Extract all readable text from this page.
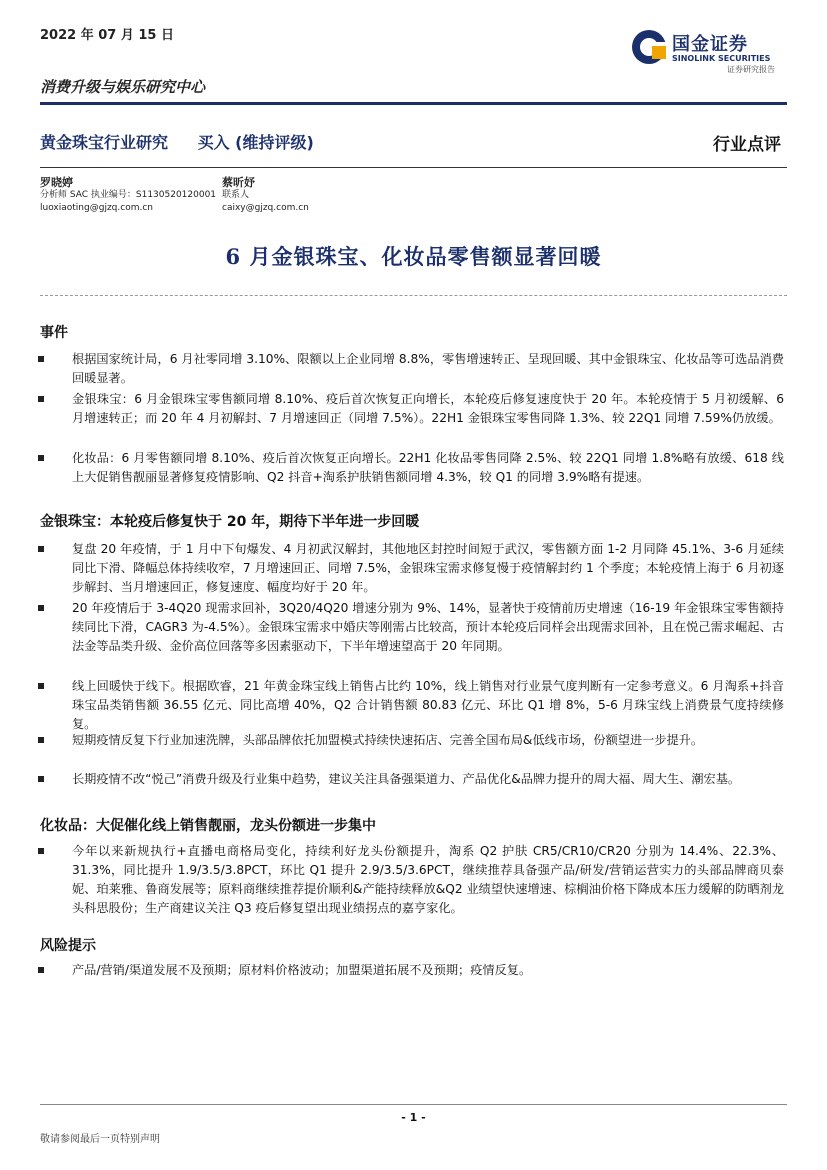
2022 年 07 月 15 日
消费升级与娱乐研究中心
国金证券
SINOLINK SECURITIES
证券研究报告
黄金珠宝行业研究 买入 (维持评级)	行业点评
罗晓婷
分析师 SAC 执业编号：S1130520120001
luoxiaoting@gjzq.com.cn
蔡昕妤
联系人
caixy@gjzq.com.cn
6 月金银珠宝、化妆品零售额显著回暖
事件
根据国家统计局，6 月社零同增 3.10%、限额以上企业同增 8.8%，零售增速转正、呈现回暖、其中金银珠宝、化妆品等可选品消费回暖显著。
金银珠宝：6 月金银珠宝零售额同增 8.10%、疫后首次恢复正向增长，本轮疫后修复速度快于 20 年。本轮疫情于 5 月初缓解、6 月增速转正；而 20 年 4 月初解封、7 月增速回正（同增 7.5%）。22H1 金银珠宝零售同降 1.3%、较 22Q1 同增 7.59%仍放缓。
化妆品：6 月零售额同增 8.10%、疫后首次恢复正向增长。22H1 化妆品零售同降 2.5%、较 22Q1 同增 1.8%略有放缓、618 线上大促销售靓丽显著修复疫情影响、Q2 抖音+淘系护肤销售额同增 4.3%，较 Q1 的同增 3.9%略有提速。
金银珠宝：本轮疫后修复快于 20 年，期待下半年进一步回暖
复盘 20 年疫情，于 1 月中下旬爆发、4 月初武汉解封，其他地区封控时间短于武汉，零售额方面 1-2 月同降 45.1%、3-6 月延续同比下滑、降幅总体持续收窄，7 月增速回正、同增 7.5%，金银珠宝需求修复慢于疫情解封约 1 个季度；本轮疫情上海于 6 月初逐步解封、当月增速回正，修复速度、幅度均好于 20 年。
20 年疫情后于 3-4Q20 现需求回补，3Q20/4Q20 增速分别为 9%、14%，显著快于疫情前历史增速（16-19 年金银珠宝零售额持续同比下滑，CAGR3 为-4.5%）。金银珠宝需求中婚庆等刚需占比较高，预计本轮疫后同样会出现需求回补，且在悦己需求崛起、古法金等品类升级、金价高位回落等多因素驱动下，下半年增速望高于 20 年同期。
线上回暖快于线下。根据欧睿，21 年黄金珠宝线上销售占比约 10%，线上销售对行业景气度判断有一定参考意义。6 月淘系+抖音珠宝品类销售额 36.55 亿元、同比高增 40%，Q2 合计销售额 80.83 亿元、环比 Q1 增 8%，5-6 月珠宝线上消费景气度持续修复。
短期疫情反复下行业加速洗牌，头部品牌依托加盟模式持续快速拓店、完善全国布局&低线市场，份额望进一步提升。
长期疫情不改“悦己”消费升级及行业集中趋势，建议关注具备强渠道力、产品优化&品牌力提升的周大福、周大生、潮宏基。
化妆品：大促催化线上销售靓丽，龙头份额进一步集中
今年以来新规执行+直播电商格局变化，持续利好龙头份额提升，淘系 Q2 护肤 CR5/CR10/CR20 分别为 14.4%、22.3%、31.3%，同比提升 1.9/3.5/3.8PCT，环比 Q1 提升 2.9/3.5/3.6PCT，继续推荐具备强产品/研发/营销运营实力的头部品牌商贝泰妮、珀莱雅、鲁商发展等；原料商继续推荐提价顺利&产能持续释放&Q2 业绩望快速增速、棕榈油价格下降成本压力缓解的防晒剂龙头科思股份；生产商建议关注 Q3 疫后修复望出现业绩拐点的嘉亨家化。
风险提示
产品/营销/渠道发展不及预期；原材料价格波动；加盟渠道拓展不及预期；疫情反复。
- 1 -
敬请参阅最后一页特别声明
